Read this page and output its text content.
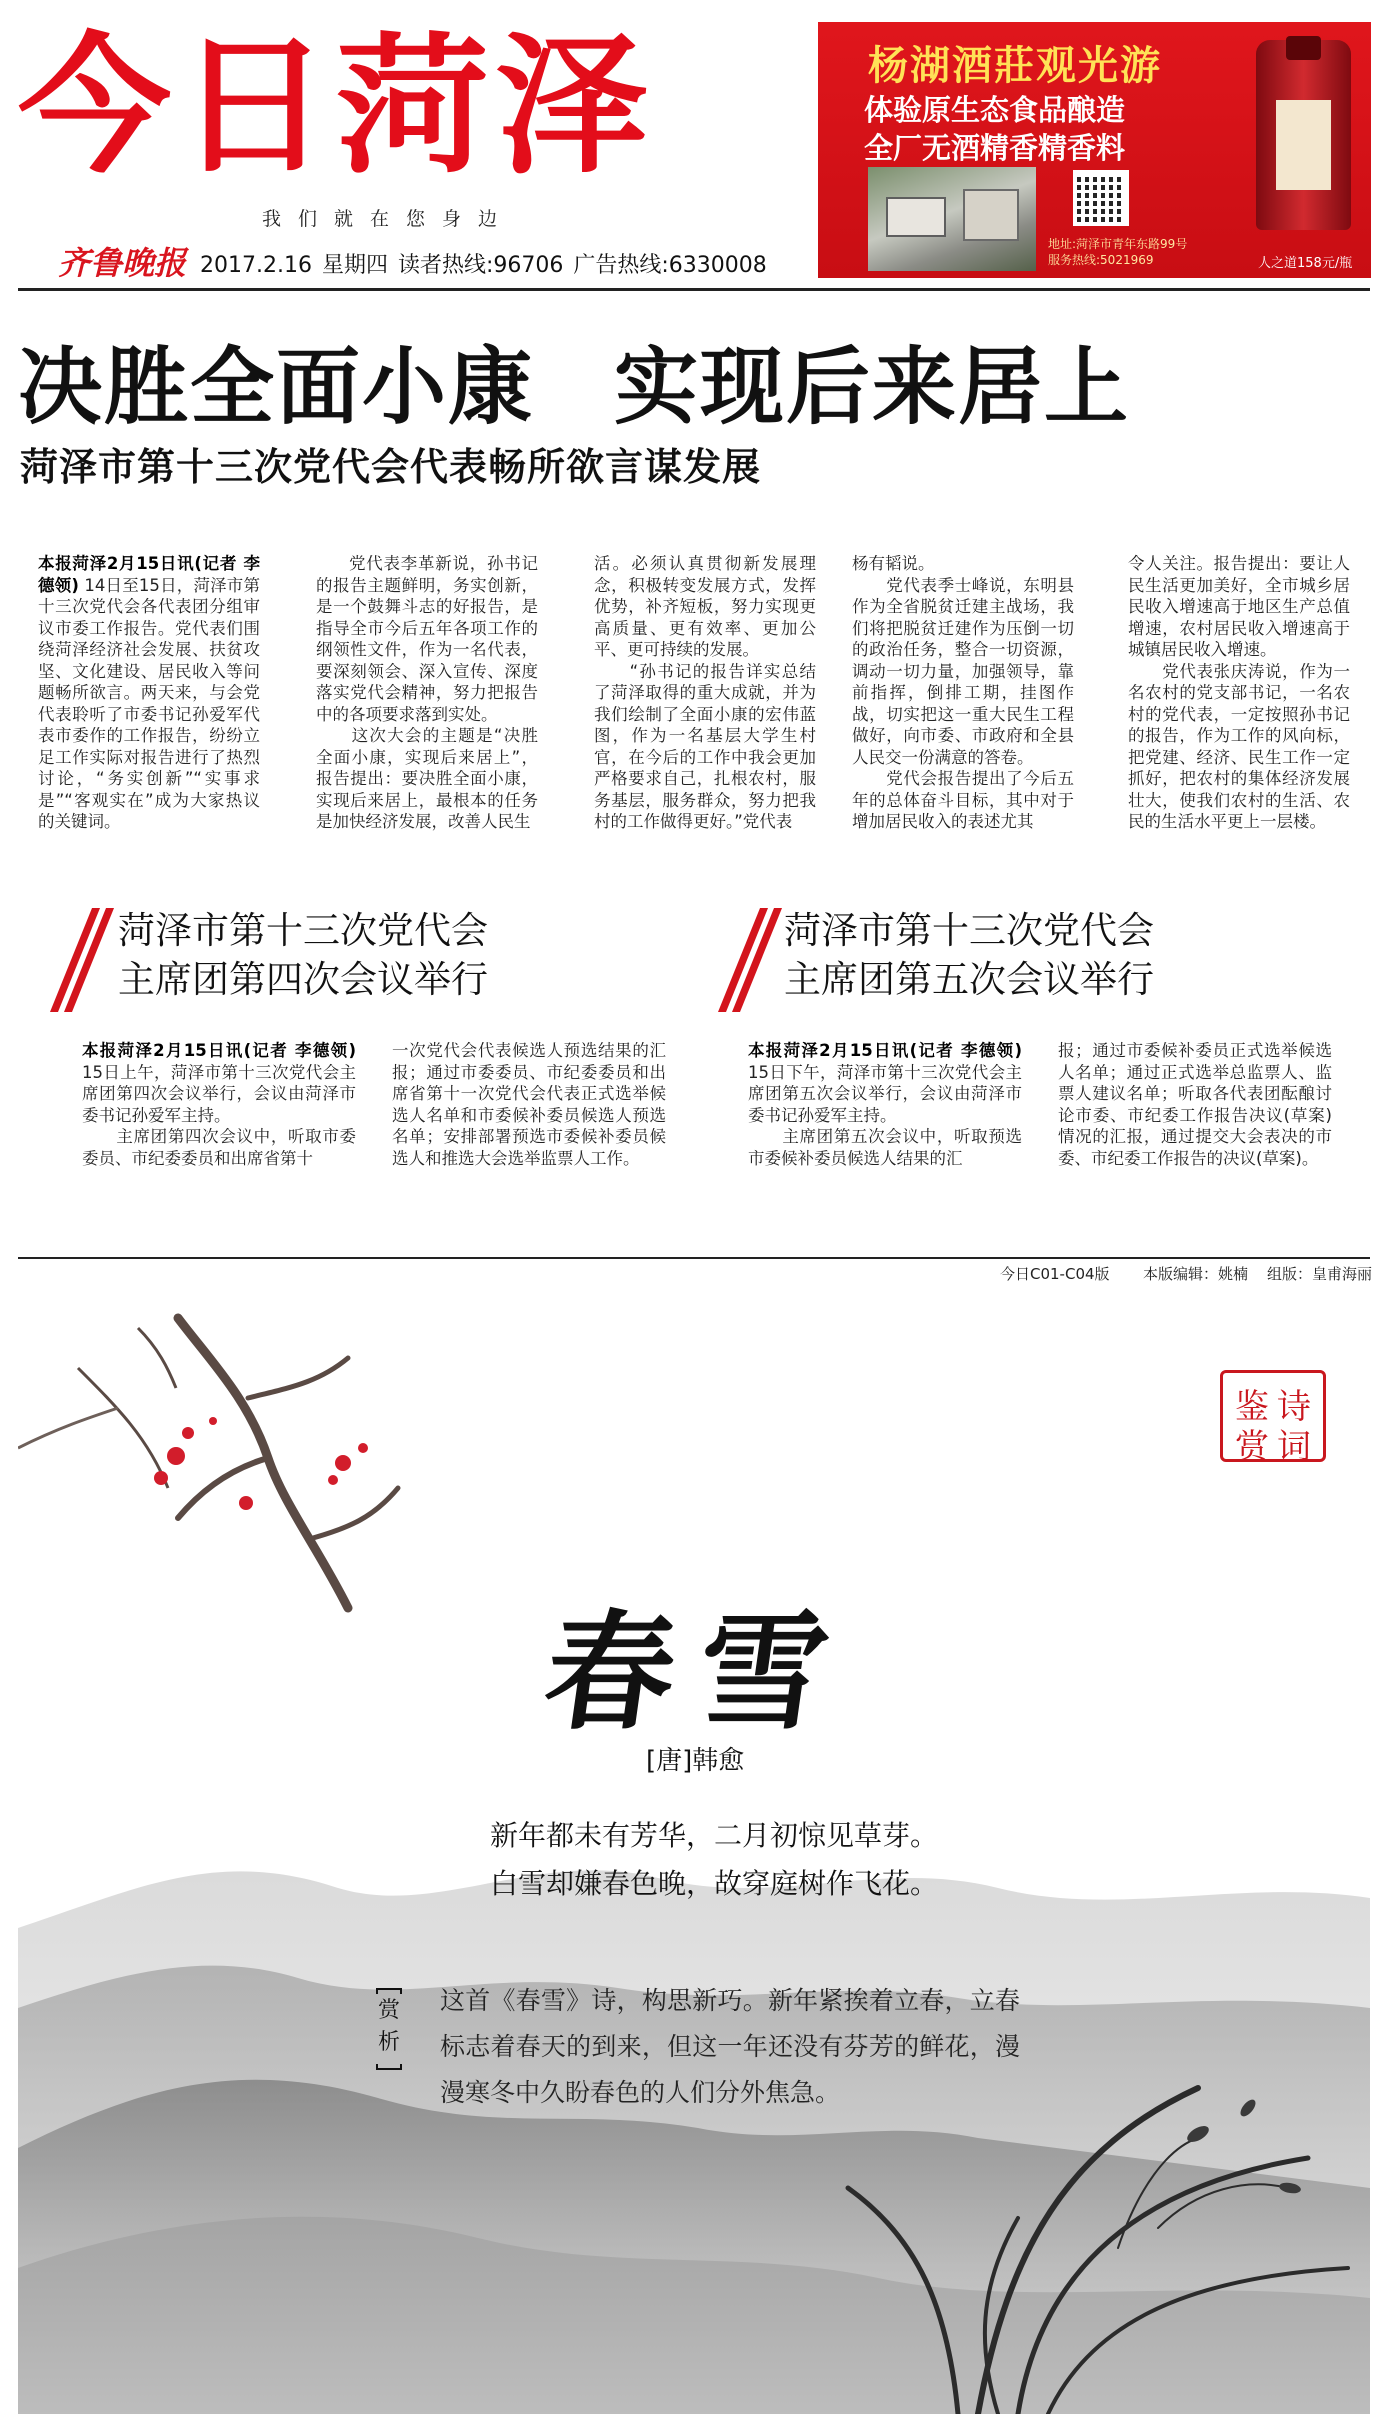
今日菏泽
我们就在您身边
齐鲁晚报 2017.2.16 星期四 读者热线:96706 广告热线:6330008
杨湖酒莊观光游
体验原生态食品酿造
全厂无酒精香精香料
地址:菏泽市青年东路99号
服务热线:5021969	人之道158元/瓶
决胜全面小康 实现后来居上
菏泽市第十三次党代会代表畅所欲言谋发展
本报菏泽2月15日讯(记者 李德领) 14日至15日，菏泽市第十三次党代会各代表团分组审议市委工作报告。党代表们围绕菏泽经济社会发展、扶贫攻坚、文化建设、居民收入等问题畅所欲言。两天来，与会党代表聆听了市委书记孙爱军代表市委作的工作报告，纷纷立足工作实际对报告进行了热烈讨论，“务实创新”“实事求是”“客观实在”成为大家热议的关键词。
党代表李革新说，孙书记的报告主题鲜明，务实创新，是一个鼓舞斗志的好报告，是指导全市今后五年各项工作的纲领性文件，作为一名代表，要深刻领会、深入宣传、深度落实党代会精神，努力把报告中的各项要求落到实处。
　　这次大会的主题是“决胜全面小康，实现后来居上”，报告提出：要决胜全面小康，实现后来居上，最根本的任务是加快经济发展，改善人民生
活。必须认真贯彻新发展理念，积极转变发展方式，发挥优势，补齐短板，努力实现更高质量、更有效率、更加公平、更可持续的发展。
　　“孙书记的报告详实总结了菏泽取得的重大成就，并为我们绘制了全面小康的宏伟蓝图，作为一名基层大学生村官，在今后的工作中我会更加严格要求自己，扎根农村，服务基层，服务群众，努力把我村的工作做得更好。”党代表
杨有韬说。
　　党代表季士峰说，东明县作为全省脱贫迁建主战场，我们将把脱贫迁建作为压倒一切的政治任务，整合一切资源，调动一切力量，加强领导，靠前指挥，倒排工期，挂图作战，切实把这一重大民生工程做好，向市委、市政府和全县人民交一份满意的答卷。
　　党代会报告提出了今后五年的总体奋斗目标，其中对于增加居民收入的表述尤其
令人关注。报告提出：要让人民生活更加美好，全市城乡居民收入增速高于地区生产总值增速，农村居民收入增速高于城镇居民收入增速。
　　党代表张庆涛说，作为一名农村的党支部书记，一名农村的党代表，一定按照孙书记的报告，作为工作的风向标，把党建、经济、民生工作一定抓好，把农村的集体经济发展壮大，使我们农村的生活、农民的生活水平更上一层楼。
菏泽市第十三次党代会
主席团第四次会议举行
本报菏泽2月15日讯(记者 李德领) 15日上午，菏泽市第十三次党代会主席团第四次会议举行，会议由菏泽市委书记孙爱军主持。
　　主席团第四次会议中，听取市委委员、市纪委委员和出席省第十
一次党代会代表候选人预选结果的汇报；通过市委委员、市纪委委员和出席省第十一次党代会代表正式选举候选人名单和市委候补委员候选人预选名单；安排部署预选市委候补委员候选人和推选大会选举监票人工作。
菏泽市第十三次党代会
主席团第五次会议举行
本报菏泽2月15日讯(记者 李德领) 15日下午，菏泽市第十三次党代会主席团第五次会议举行，会议由菏泽市委书记孙爱军主持。
　　主席团第五次会议中，听取预选市委候补委员候选人结果的汇
报；通过市委候补委员正式选举候选人名单；通过正式选举总监票人、监票人建议名单；听取各代表团酝酿讨论市委、市纪委工作报告决议(草案)情况的汇报，通过提交大会表决的市委、市纪委工作报告的决议(草案)。
今日C01-C04版 本版编辑：姚楠 组版：皇甫海丽
诗
词
鉴
赏
春雪
[唐]韩愈
新年都未有芳华，二月初惊见草芽。
白雪却嫌春色晚，故穿庭树作飞花。
赏
析
这首《春雪》诗，构思新巧。新年紧挨着立春，立春标志着春天的到来，但这一年还没有芬芳的鲜花，漫漫寒冬中久盼春色的人们分外焦急。
